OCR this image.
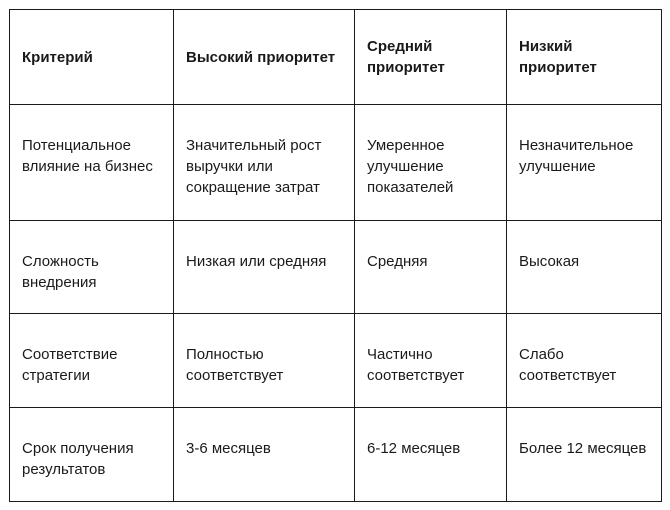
Критерий	Высокий приоритет	Средний приоритет	Низкий приоритет
Потенциальное влияние на бизнес	Значительный рост выручки или сокращение затрат	Умеренное улучшение показателей	Незначительное улучшение
Сложность внедрения	Низкая или средняя	Средняя	Высокая
Соответствие стратегии	Полностью соответствует	Частично соответствует	Слабо соответствует
Срок получения результатов	3-6 месяцев	6-12 месяцев	Более 12 месяцев
